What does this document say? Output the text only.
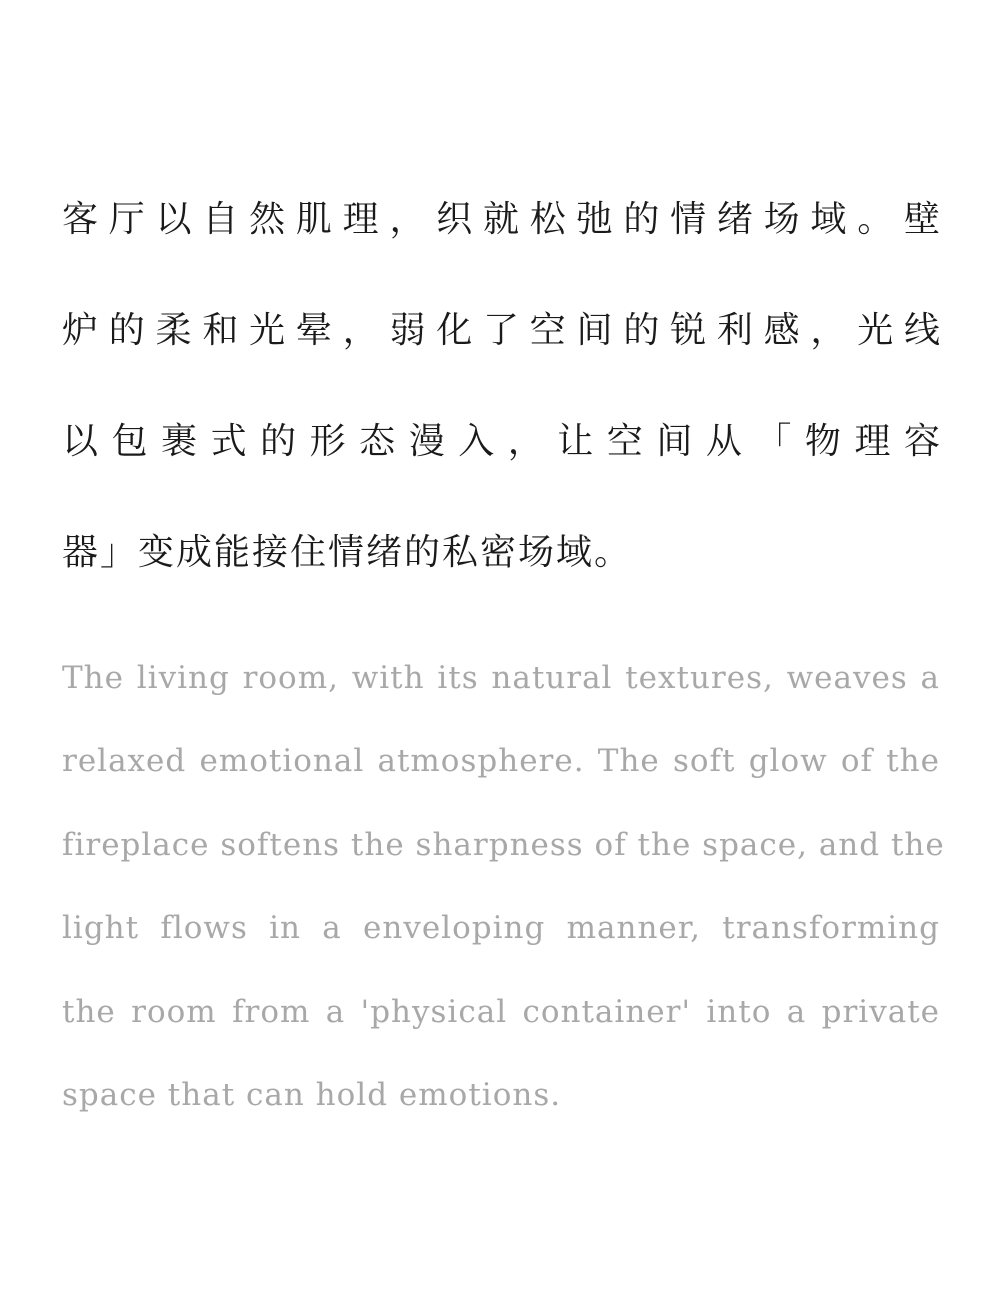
客厅以自然肌理，织就松弛的情绪场域。壁
炉的柔和光晕，弱化了空间的锐利感，光线
以包裹式的形态漫入，让空间从「物理容
器」变成能接住情绪的私密场域。
The living room, with its natural textures, weaves a
relaxed emotional atmosphere. The soft glow of the
fireplace softens the sharpness of the space, and the
light flows in a enveloping manner, transforming
the room from a 'physical container' into a private
space that can hold emotions.
